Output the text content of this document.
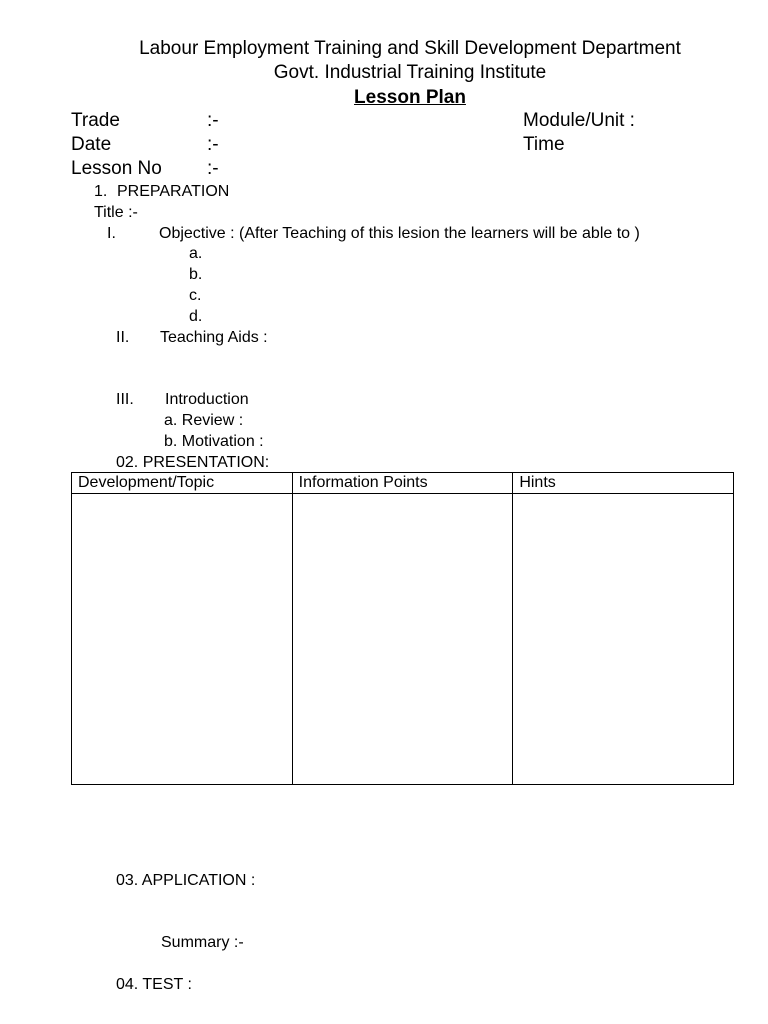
Labour Employment Training and Skill Development Department
Govt. Industrial Training Institute
Lesson Plan
Trade	:-	Module/Unit :
Date	:-	Time
Lesson No :-
1. PREPARATION
Title :-
I.	Objective : (After Teaching of this lesion the learners will be able to )
a.
b.
c.
d.
II. Teaching Aids :
III. Introduction
a. Review :
b. Motivation :
02. PRESENTATION:
Development/Topic	Information Points	Hints

03. APPLICATION :
Summary :-
04. TEST :
